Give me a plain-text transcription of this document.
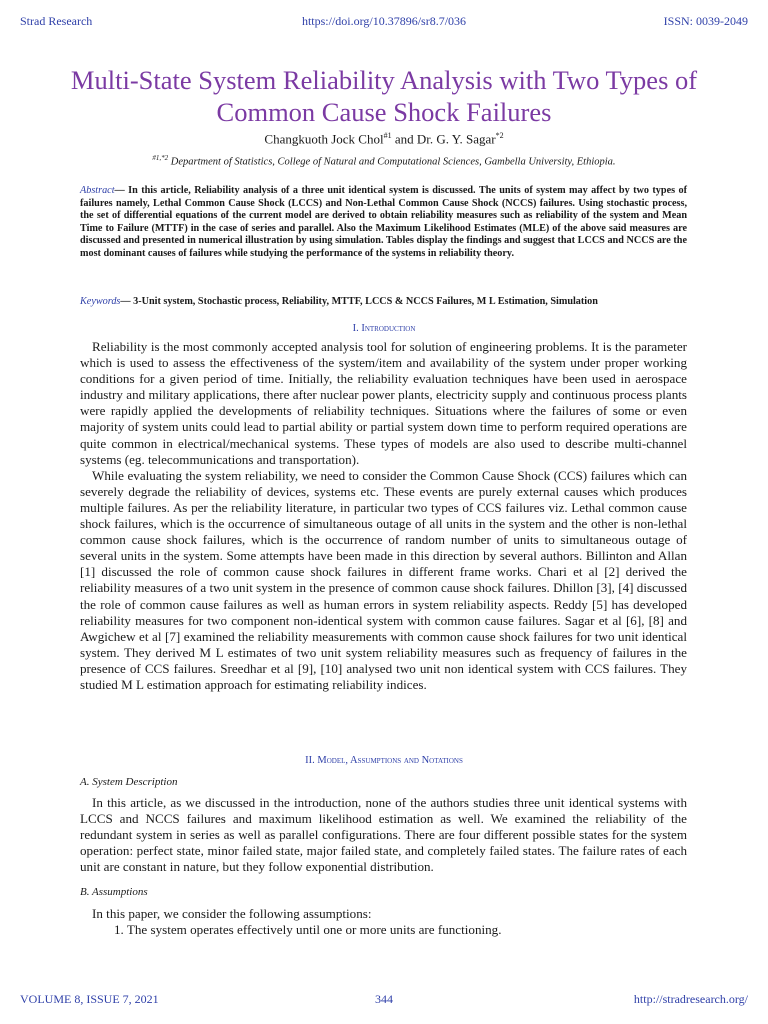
Strad Research	https://doi.org/10.37896/sr8.7/036	ISSN: 0039-2049
Multi-State System Reliability Analysis with Two Types of Common Cause Shock Failures
Changkuoth Jock Chol$^{\#1}$ and Dr. G. Y. Sagar$^{*2}$
$^{\#1,*2}$ Department of Statistics, College of Natural and Computational Sciences, Gambella University, Ethiopia.
Abstract— In this article, Reliability analysis of a three unit identical system is discussed. The units of system may affect by two types of failures namely, Lethal Common Cause Shock (LCCS) and Non-Lethal Common Cause Shock (NCCS) failures. Using stochastic process, the set of differential equations of the current model are derived to obtain reliability measures such as reliability of the system and Mean Time to Failure (MTTF) in the case of series and parallel. Also the Maximum Likelihood Estimates (MLE) of the above said measures are discussed and presented in numerical illustration by using simulation. Tables display the findings and suggest that LCCS and NCCS are the most dominant causes of failures while studying the performance of the systems in reliability theory.
Keywords— 3-Unit system, Stochastic process, Reliability, MTTF, LCCS & NCCS Failures, M L Estimation, Simulation
I. Introduction

Reliability is the most commonly accepted analysis tool for solution of engineering problems. It is the parameter which is used to assess the effectiveness of the system/item and availability of the system under proper working conditions for a given period of time. Initially, the reliability evaluation techniques have been used in aerospace industry and military applications, there after nuclear power plants, electricity supply and continuous process plants were rapidly applied the developments of reliability techniques. Situations where the failures of some or even majority of system units could lead to partial ability or partial system down time to perform required operations are quite common in electrical/mechanical systems. These types of models are also used to describe multi-channel systems (eg. telecommunications and transportation).

While evaluating the system reliability, we need to consider the Common Cause Shock (CCS) failures which can severely degrade the reliability of devices, systems etc. These events are purely external causes which produces multiple failures. As per the reliability literature, in particular two types of CCS failures viz. Lethal common cause shock failures, which is the occurrence of simultaneous outage of all units in the system and the other is non-lethal common cause shock failures, which is the occurrence of random number of units to simultaneous outage of several units in the system. Some attempts have been made in this direction by several authors. Billinton and Allan [1] discussed the role of common cause shock failures in different frame works. Chari et al [2] derived the reliability measures of a two unit system in the presence of common cause shock failures. Dhillon [3], [4] discussed the role of common cause failures as well as human errors in system reliability aspects. Reddy [5] has developed reliability measures for two component non-identical system with common cause failures. Sagar et al [6], [8] and Awgichew et al [7] examined the reliability measurements with common cause shock failures for two unit identical system. They derived M L estimates of two unit system reliability measures such as frequency of failures in the presence of CCS failures. Sreedhar et al [9], [10] analysed two unit non identical system with CCS failures. They studied M L estimation approach for estimating reliability indices.

II. Model, Assumptions and Notations
A. System Description

In this article, as we discussed in the introduction, none of the authors studies three unit identical systems with LCCS and NCCS failures and maximum likelihood estimation as well. We examined the reliability of the redundant system in series as well as parallel configurations. There are four different possible states for the system operation: perfect state, minor failed state, major failed state, and completely failed states. The failure rates of each unit are constant in nature, but they follow exponential distribution.

B. Assumptions

In this paper, we consider the following assumptions:

1. The system operates effectively until one or more units are functioning.
VOLUME 8, ISSUE 7, 2021	344	http://stradresearch.org/
